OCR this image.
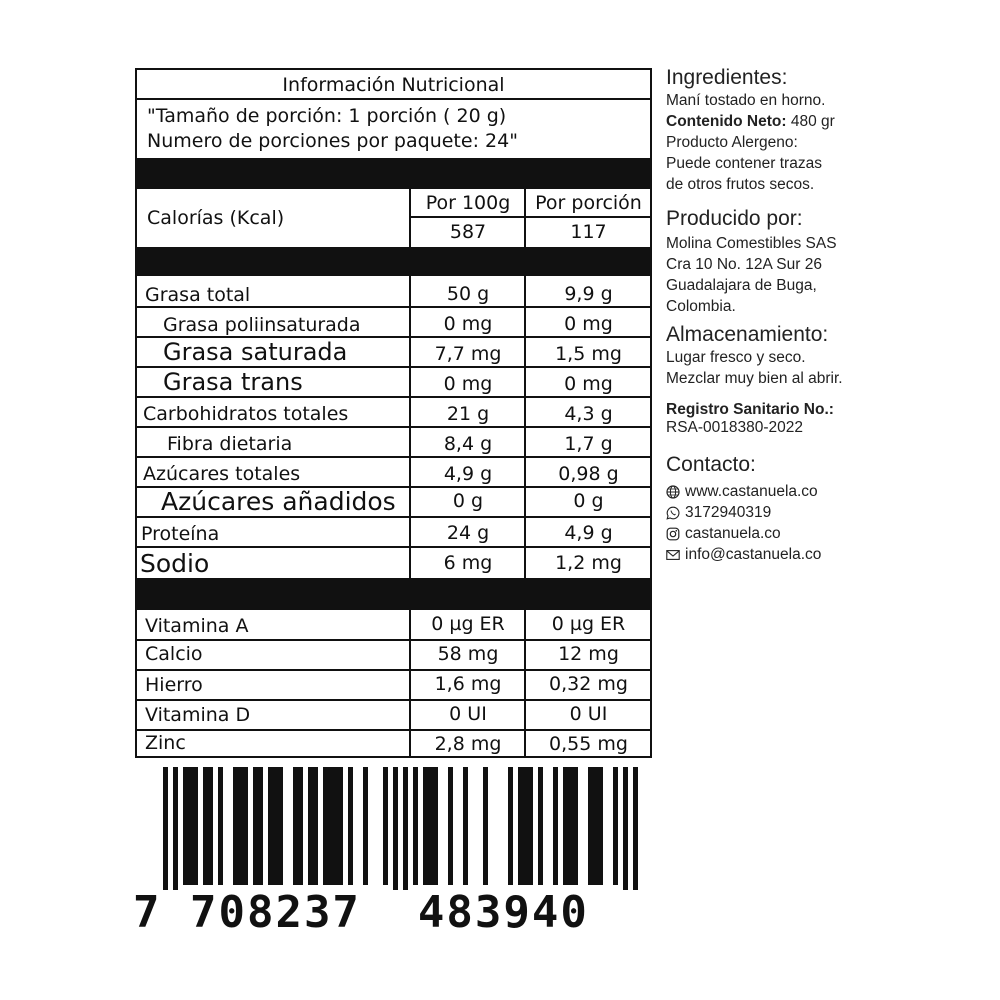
Información Nutricional
"Tamaño de porción: 1 porción ( 20 g)
Numero de porciones por paquete: 24"
Calorías (Kcal)
Por 100g	Por porción
587	117
Grasa total	50 g	9,9 g
Grasa poliinsaturada	0 mg	0 mg
Grasa saturada	7,7 mg	1,5 mg
Grasa trans	0 mg	0 mg
Carbohidratos totales	21 g	4,3 g
Fibra dietaria	8,4 g	1,7 g
Azúcares totales	4,9 g	0,98 g
Azúcares añadidos	0 g	0 g
Proteína	24 g	4,9 g
Sodio	6 mg	1,2 mg
Vitamina A	0 µg ER	0 µg ER
Calcio	58 mg	12 mg
Hierro	1,6 mg	0,32 mg
Vitamina D	0 UI	0 UI
Zinc	2,8 mg	0,55 mg
Ingredientes:
Maní tostado en horno.
Contenido Neto: 480 gr
Producto Alergeno:
Puede contener trazas
de otros frutos secos.
Producido por:
Molina Comestibles SAS
Cra 10 No. 12A Sur 26
Guadalajara de Buga,
Colombia.
Almacenamiento:
Lugar fresco y seco.
Mezclar muy bien al abrir.
Registro Sanitario No.:
RSA-0018380-2022
Contacto:
www.castanuela.co
3172940319
castanuela.co
info@castanuela.co
7 708237  483940
